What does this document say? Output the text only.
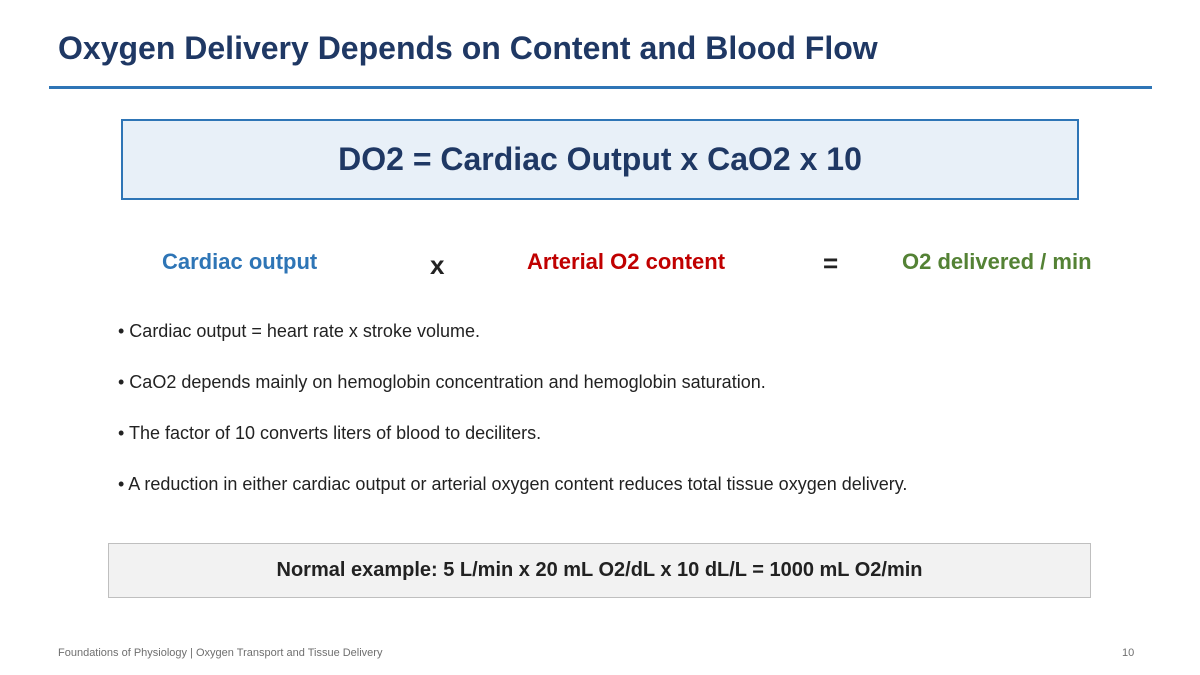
Oxygen Delivery Depends on Content and Blood Flow
DO2 = Cardiac Output x CaO2 x 10
Cardiac output	x	Arterial O2 content	=	O2 delivered / min
• Cardiac output = heart rate x stroke volume.
• CaO2 depends mainly on hemoglobin concentration and hemoglobin saturation.
• The factor of 10 converts liters of blood to deciliters.
• A reduction in either cardiac output or arterial oxygen content reduces total tissue oxygen delivery.
Normal example: 5 L/min x 20 mL O2/dL x 10 dL/L = 1000 mL O2/min
Foundations of Physiology | Oxygen Transport and Tissue Delivery	10
